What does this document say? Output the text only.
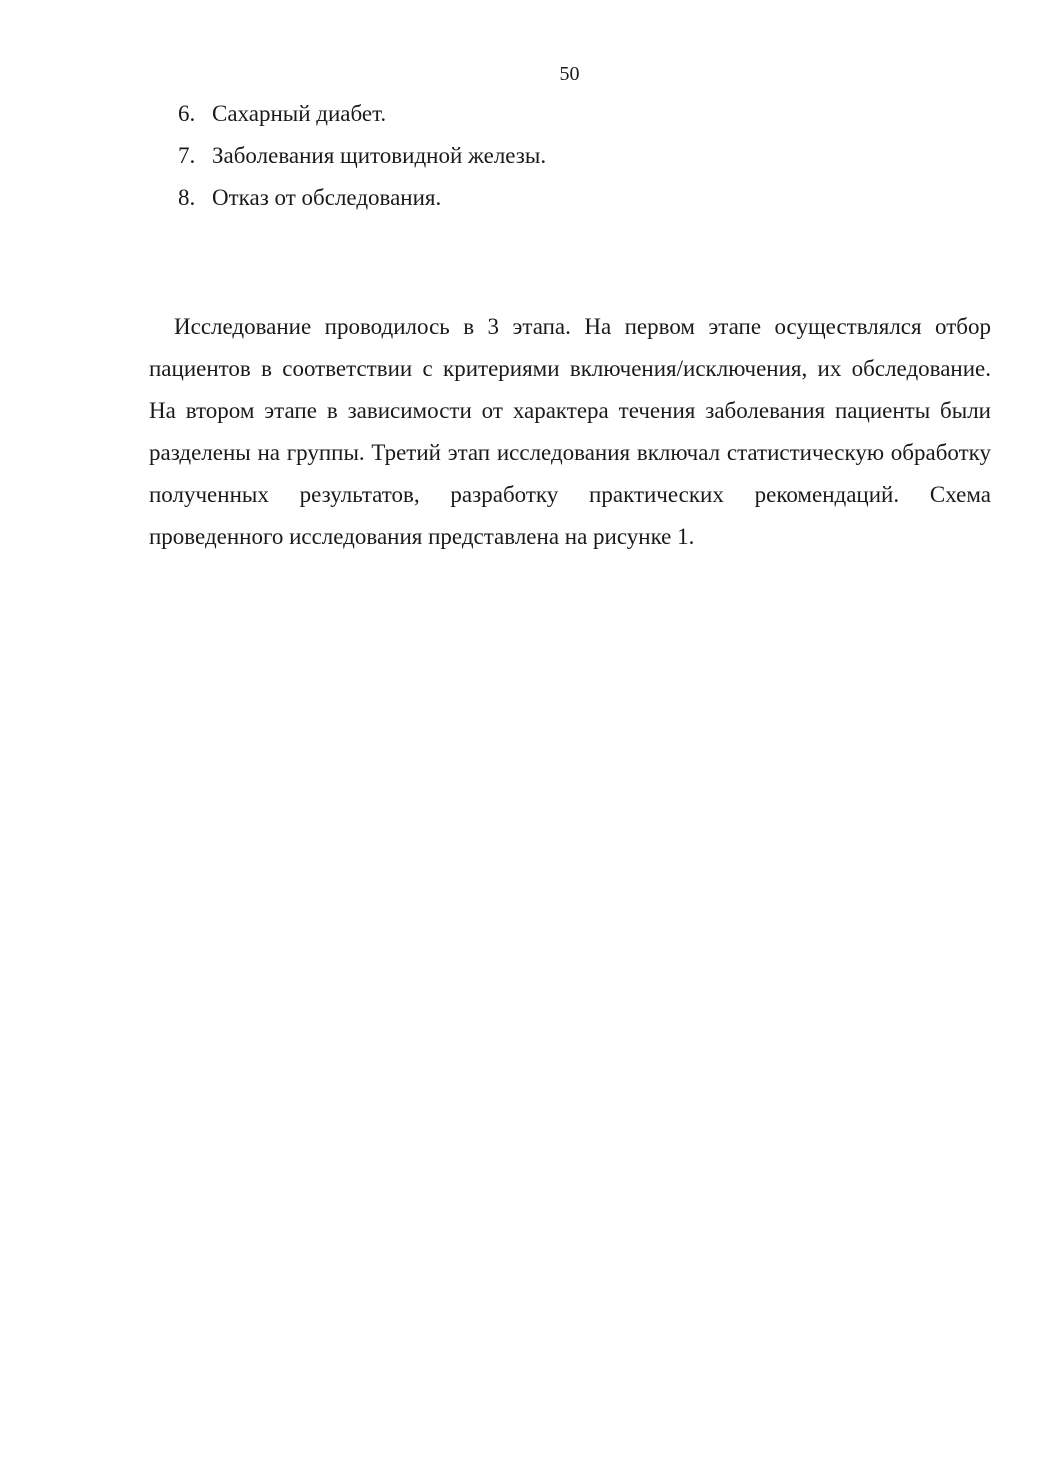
50
6. Сахарный диабет.
7. Заболевания щитовидной железы.
8. Отказ от обследования.

Исследование проводилось в 3 этапа. На первом этапе осуществлялся отбор пациентов в соответствии с критериями включения/исключения, их обследование. На втором этапе в зависимости от характера течения заболевания пациенты были разделены на группы. Третий этап исследования включал статистическую обработку полученных результатов, разработку практических рекомендаций. Схема проведенного исследования представлена на рисунке 1.
